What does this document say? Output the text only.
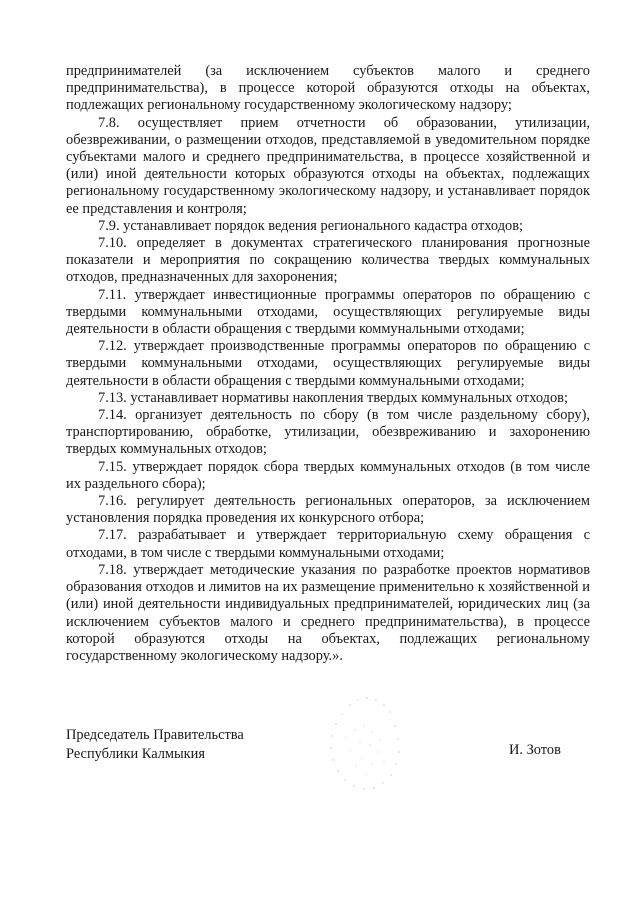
предпринимателей (за исключением субъектов малого и среднего предпринимательства), в процессе которой образуются отходы на объектах, подлежащих региональному государственному экологическому надзору;

7.8. осуществляет прием отчетности об образовании, утилизации, обезвреживании, о размещении отходов, представляемой в уведомительном порядке субъектами малого и среднего предпринимательства, в процессе хозяйственной и (или) иной деятельности которых образуются отходы на объектах, подлежащих региональному государственному экологическому надзору, и устанавливает порядок ее представления и контроля;

7.9. устанавливает порядок ведения регионального кадастра отходов;

7.10. определяет в документах стратегического планирования прогнозные показатели и мероприятия по сокращению количества твердых коммунальных отходов, предназначенных для захоронения;

7.11. утверждает инвестиционные программы операторов по обращению с твердыми коммунальными отходами, осуществляющих регулируемые виды деятельности в области обращения с твердыми коммунальными отходами;

7.12. утверждает производственные программы операторов по обращению с твердыми коммунальными отходами, осуществляющих регулируемые виды деятельности в области обращения с твердыми коммунальными отходами;

7.13. устанавливает нормативы накопления твердых коммунальных отходов;

7.14. организует деятельность по сбору (в том числе раздельному сбору), транспортированию, обработке, утилизации, обезвреживанию и захоронению твердых коммунальных отходов;

7.15. утверждает порядок сбора твердых коммунальных отходов (в том числе их раздельного сбора);

7.16. регулирует деятельность региональных операторов, за исключением установления порядка проведения их конкурсного отбора;

7.17. разрабатывает и утверждает территориальную схему обращения с отходами, в том числе с твердыми коммунальными отходами;

7.18. утверждает методические указания по разработке проектов нормативов образования отходов и лимитов на их размещение применительно к хозяйственной и (или) иной деятельности индивидуальных предпринимателей, юридических лиц (за исключением субъектов малого и среднего предпринимательства), в процессе которой образуются отходы на объектах, подлежащих региональному государственному экологическому надзору.».

Председатель Правительства
Республики Калмыкия	И. Зотов
